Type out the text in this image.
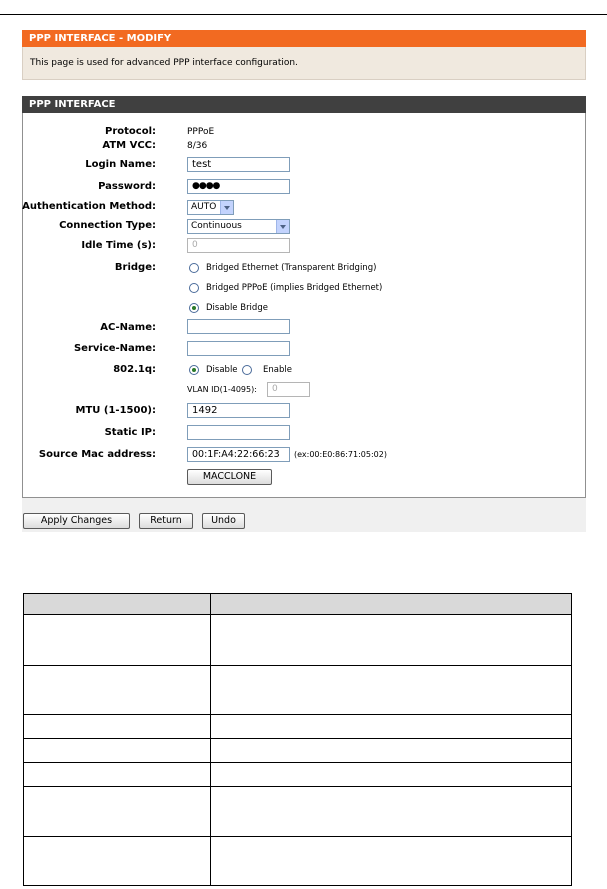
PPP INTERFACE - MODIFY
This page is used for advanced PPP interface configuration.
PPP INTERFACE
Protocol:	PPPoE
ATM VCC:	8/36
Login Name:	test
Password:	●●●●
Authentication Method:	AUTO
Connection Type:	Continuous
Idle Time (s):	0
Bridge:	Bridged Ethernet (Transparent Bridging)
Bridged PPPoE (implies Bridged Ethernet)
Disable Bridge
AC-Name:
Service-Name:
802.1q:	Disable	Enable
VLAN ID(1-4095):	0
MTU (1-1500):	1492
Static IP:
Source Mac address:	00:1F:A4:22:66:23	(ex:00:E0:86:71:05:02)
MACCLONE
Apply Changes	Return	Undo
